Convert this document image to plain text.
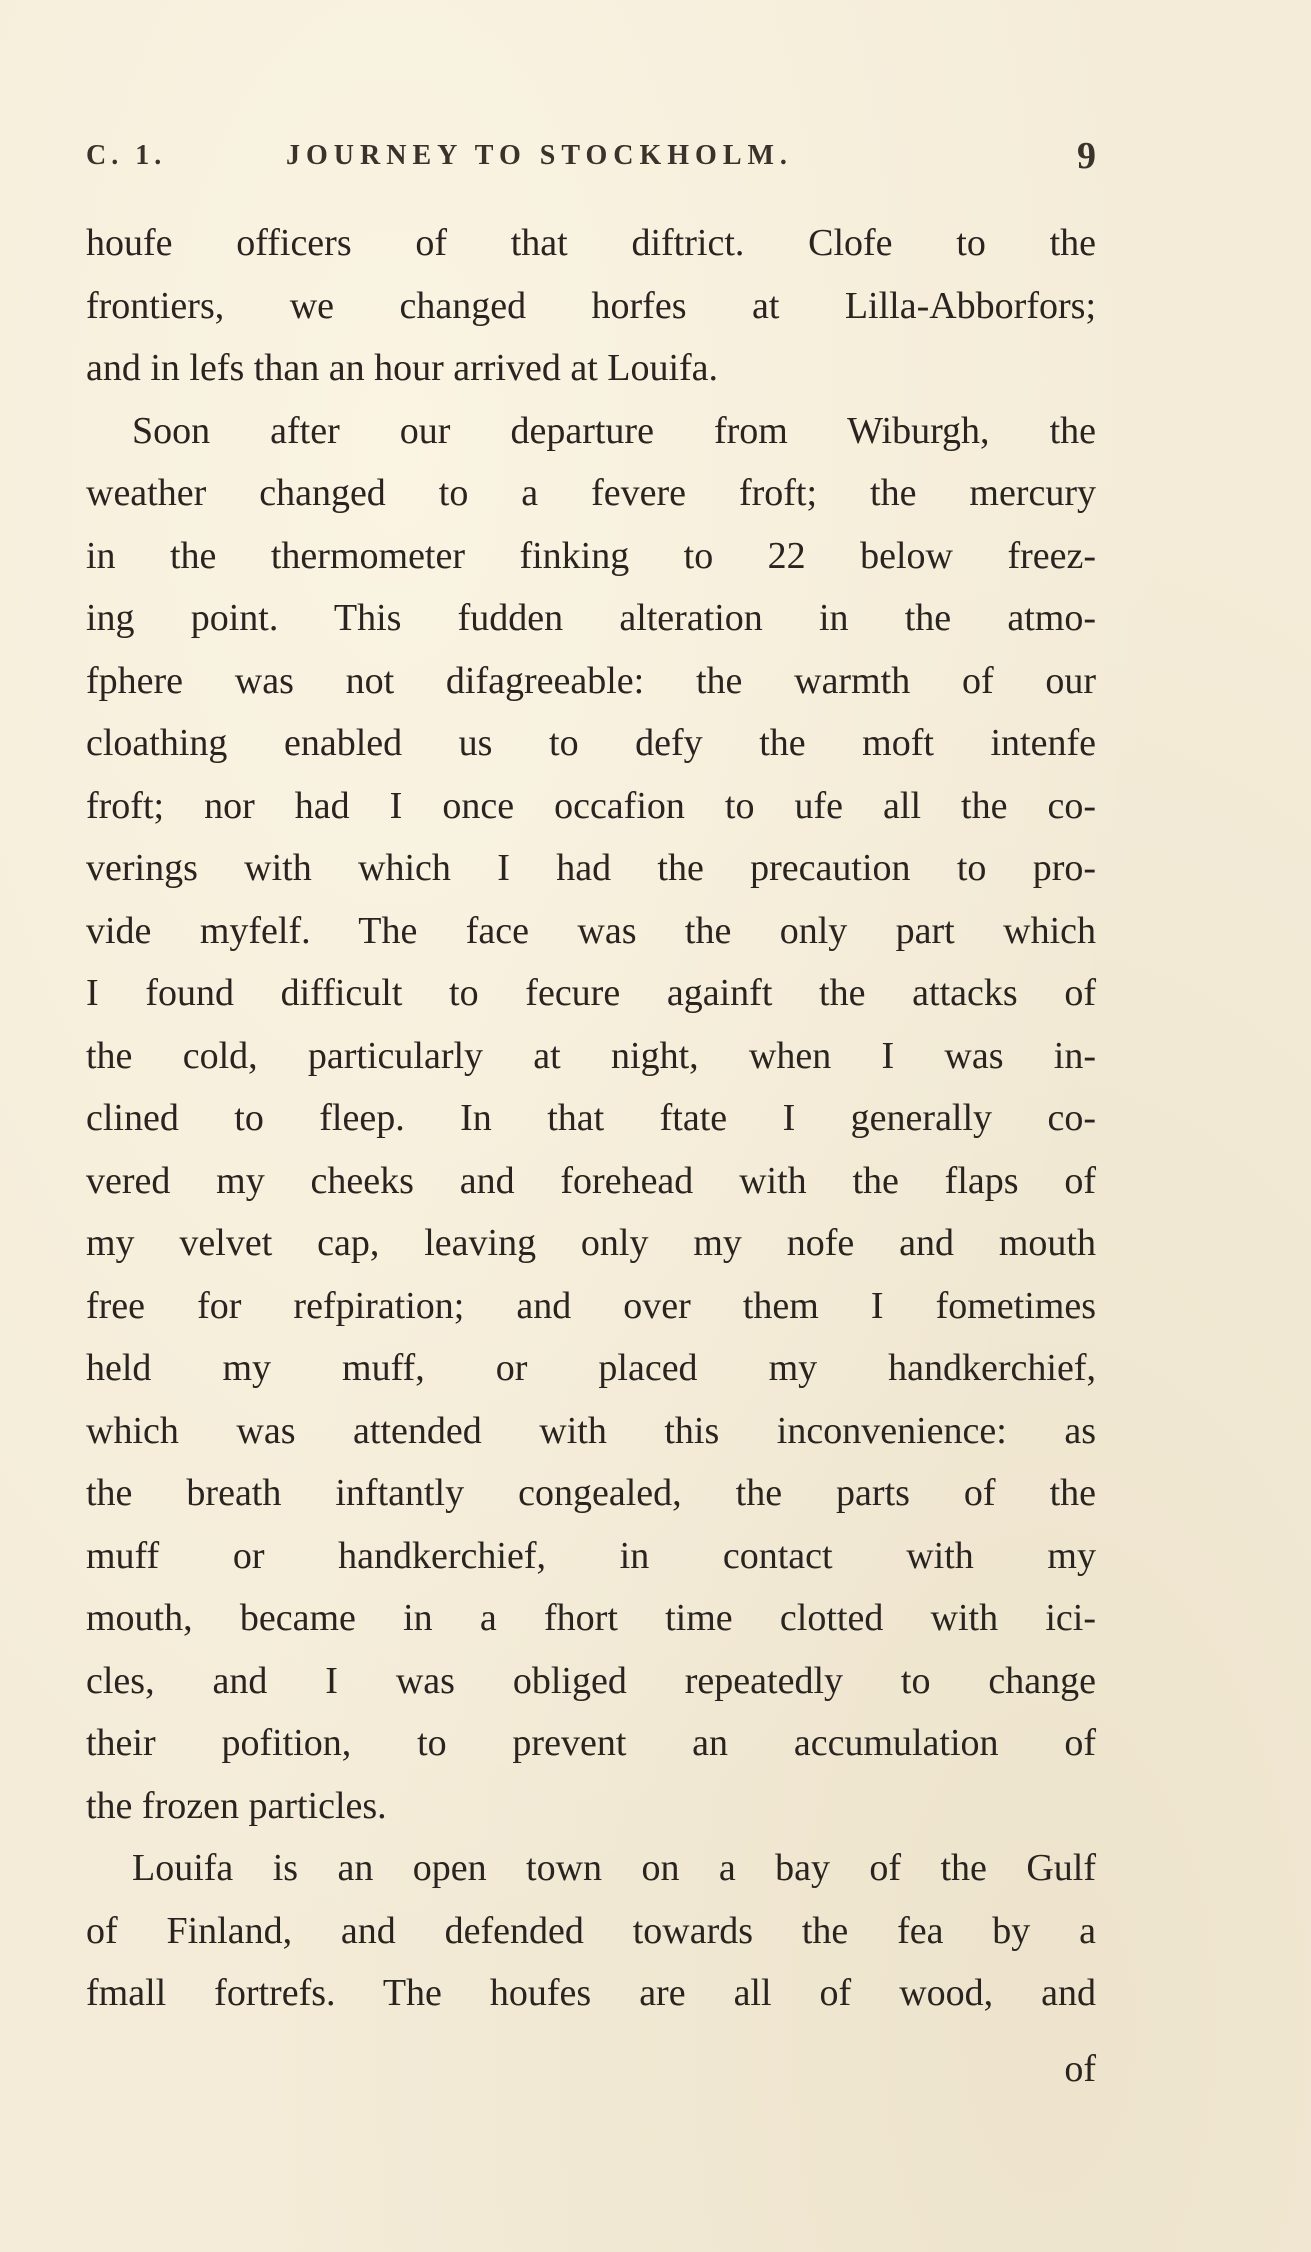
C. 1.	JOURNEY TO STOCKHOLM.	9
houfe officers of that diftrict. Clofe to the
frontiers, we changed horfes at Lilla-Abborfors;
and in lefs than an hour arrived at Louifa.
Soon after our departure from Wiburgh, the
weather changed to a fevere froft; the mercury
in the thermometer finking to 22 below freez-
ing point. This fudden alteration in the atmo-
fphere was not difagreeable: the warmth of our
cloathing enabled us to defy the moft intenfe
froft; nor had I once occafion to ufe all the co-
verings with which I had the precaution to pro-
vide myfelf. The face was the only part which
I found difficult to fecure againft the attacks of
the cold, particularly at night, when I was in-
clined to fleep. In that ftate I generally co-
vered my cheeks and forehead with the flaps of
my velvet cap, leaving only my nofe and mouth
free for refpiration; and over them I fometimes
held my muff, or placed my handkerchief,
which was attended with this inconvenience: as
the breath inftantly congealed, the parts of the
muff or handkerchief, in contact with my
mouth, became in a fhort time clotted with ici-
cles, and I was obliged repeatedly to change
their pofition, to prevent an accumulation of
the frozen particles.
Louifa is an open town on a bay of the Gulf
of Finland, and defended towards the fea by a
fmall fortrefs. The houfes are all of wood, and
of
